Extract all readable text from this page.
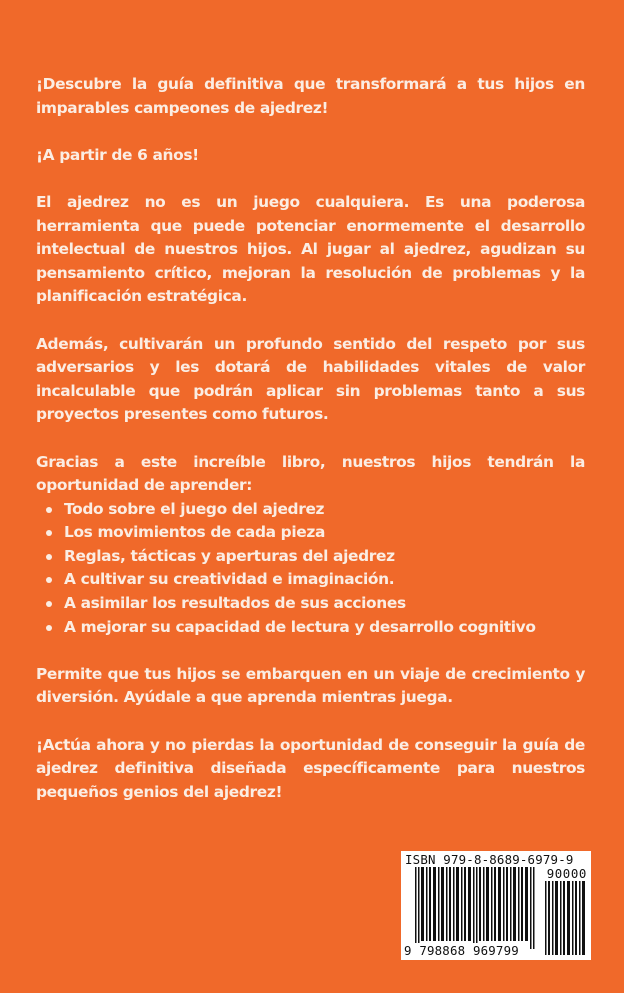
¡Descubre la guía definitiva que transformará a tus hijos en imparables campeones de ajedrez!

¡A partir de 6 años!

El ajedrez no es un juego cualquiera. Es una poderosa herramienta que puede potenciar enormemente el desarrollo intelectual de nuestros hijos. Al jugar al ajedrez, agudizan su pensamiento crítico, mejoran la resolución de problemas y la planificación estratégica.

Además, cultivarán un profundo sentido del respeto por sus adversarios y les dotará de habilidades vitales de valor incalculable que podrán aplicar sin problemas tanto a sus proyectos presentes como futuros.

Gracias a este increíble libro, nuestros hijos tendrán la oportunidad de aprender:

Todo sobre el juego del ajedrez
Los movimientos de cada pieza
Reglas, tácticas y aperturas del ajedrez
A cultivar su creatividad e imaginación.
A asimilar los resultados de sus acciones
A mejorar su capacidad de lectura y desarrollo cognitivo

Permite que tus hijos se embarquen en un viaje de crecimiento y diversión. Ayúdale a que aprenda mientras juega.

¡Actúa ahora y no pierdas la oportunidad de conseguir la guía de ajedrez definitiva diseñada específicamente para nuestros pequeños genios del ajedrez!

ISBN 979-8-8689-6979-9
90000
9 798868 969799
